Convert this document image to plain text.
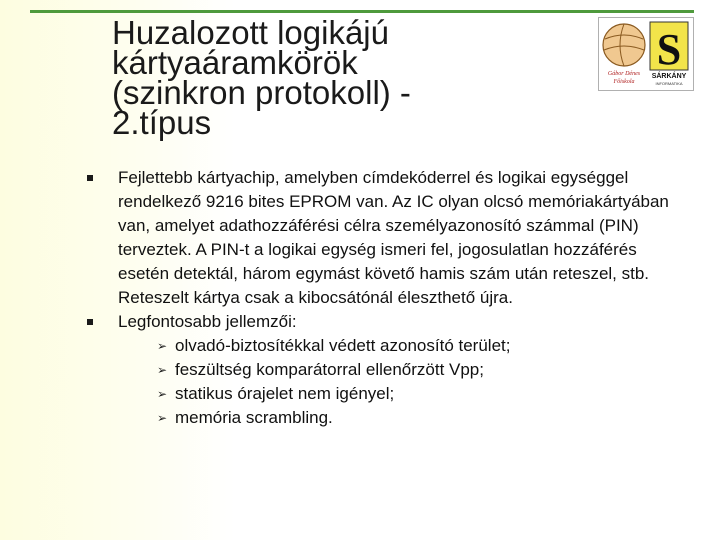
Huzalozott logikájú
kártyaáramkörök
(szinkron protokoll) -
2.típus
Gábor Dénes
Főiskola
S
SÁRKÁNY
INFORMATIKA
Fejlettebb kártyachip, amelyben címdekóderrel és logikai egységgel rendelkező 9216 bites EPROM van. Az IC olyan olcsó memóriakártyában van, amelyet adathozzáférési célra személyazonosító számmal (PIN) terveztek. A PIN-t a logikai egység ismeri fel, jogosulatlan hozzáférés esetén detektál, három egymást követő hamis szám után reteszel, stb. Reteszelt kártya csak a kibocsátónál éleszthető újra.
Legfontosabb jellemzői:
➢ olvadó-biztosítékkal védett azonosító terület;
➢ feszültség komparátorral ellenőrzött Vpp;
➢ statikus órajelet nem igényel;
➢ memória scrambling.
